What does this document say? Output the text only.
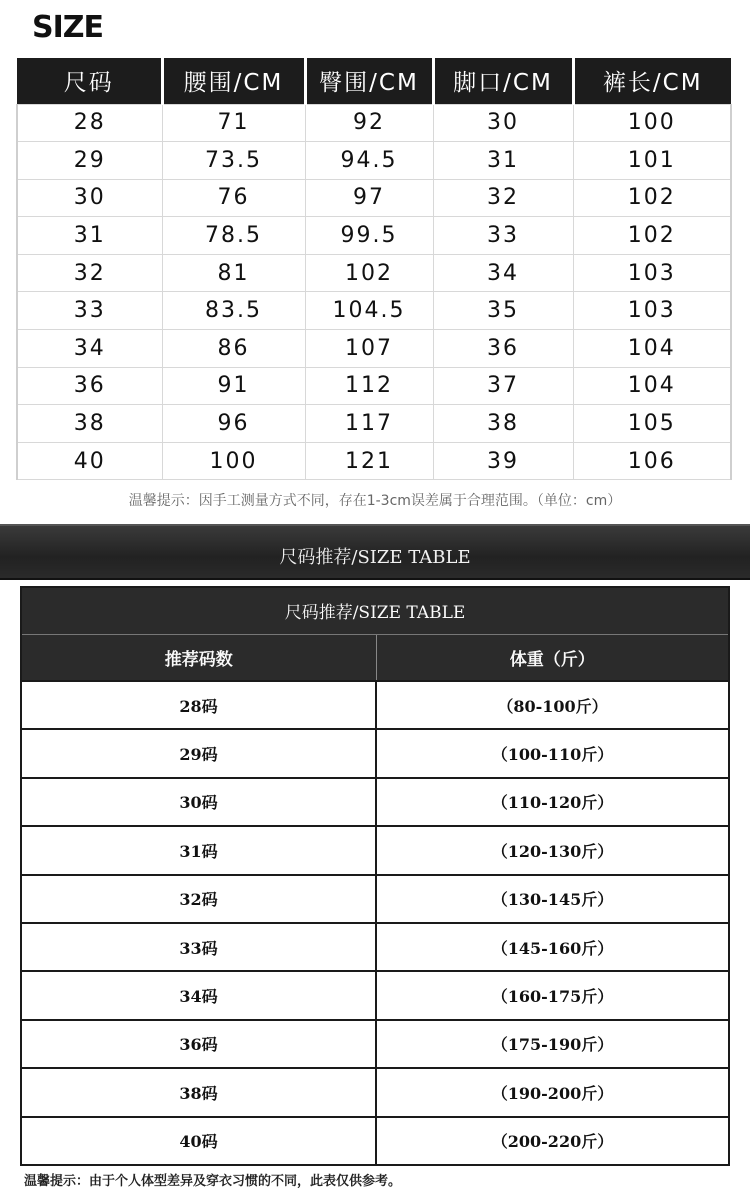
SIZE
尺码	腰围/CM	臀围/CM	脚口/CM	裤长/CM
28	71	92	30	100
29	73.5	94.5	31	101
30	76	97	32	102
31	78.5	99.5	33	102
32	81	102	34	103
33	83.5	104.5	35	103
34	86	107	36	104
36	91	112	37	104
38	96	117	38	105
40	100	121	39	106
温馨提示：因手工测量方式不同，存在1-3cm误差属于合理范围。（单位：cm）
尺码推荐/SIZE TABLE
尺码推荐/SIZE TABLE	
推荐码数	体重（斤）
28码	（80-100斤）
29码	（100-110斤）
30码	（110-120斤）
31码	（120-130斤）
32码	（130-145斤）
33码	（145-160斤）
34码	（160-175斤）
36码	（175-190斤）
38码	（190-200斤）
40码	（200-220斤）
温馨提示：由于个人体型差异及穿衣习惯的不同，此表仅供参考。
